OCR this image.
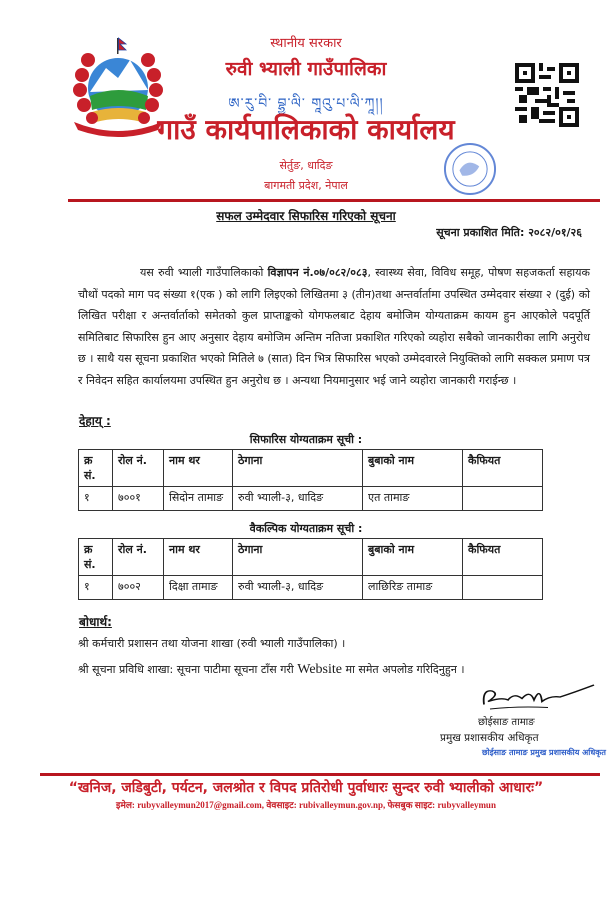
स्थानीय सरकार
रुवी भ्याली गाउँपालिका
ཨ་རུ་བི་ བྷྱ་ལི་ གཱའུ་པ་ལི་ཀཱ།།
गाउँ कार्यपालिकाको कार्यालय
सेर्तुङ, धादिङ
बागमती प्रदेश, नेपाल
सफल उम्मेदवार सिफारिस गरिएको सूचना
सूचना प्रकाशित मिति: २०८२/०१/२६
यस रुवी भ्याली गाउँपालिकाको विज्ञापन नं.०७/०८२/०८३, स्वास्थ्य सेवा, विविध समूह, पोषण सहजकर्ता सहायक चौथों पदको माग पद संख्या १(एक ) को लागि लिइएको लिखितमा ३ (तीन)तथा अन्तर्वार्तामा उपस्थित उम्मेदवार संख्या २ (दुई) को लिखित परीक्षा र अन्तर्वार्ताको समेतको कुल प्राप्ताङ्कको योगफलबाट देहाय बमोजिम योग्यताक्रम कायम हुन आएकोले पदपूर्ति समितिबाट सिफारिस हुन आए अनुसार देहाय बमोजिम अन्तिम नतिजा प्रकाशित गरिएको व्यहोरा सबैको जानकारीका लागि अनुरोध छ । साथै यस सूचना प्रकाशित भएको मितिले ७ (सात) दिन भित्र सिफारिस भएको उम्मेदवारले नियुक्तिको लागि सक्कल प्रमाण पत्र र निवेदन सहित कार्यालयमा उपस्थित हुन अनुरोध छ । अन्यथा नियमानुसार भई जाने व्यहोरा जानकारी गराईन्छ ।
देहाय् :
सिफारिस योग्यताक्रम सूची :
क्र सं.	रोल नं.	नाम थर	ठेगाना	बुबाको नाम	कैफियत
१	७००१	सिदोन तामाङ	रुवी भ्याली-३, धादिङ	एत तामाङ	
वैकल्पिक योग्यताक्रम सूची :
क्र सं.	रोल नं.	नाम थर	ठेगाना	बुबाको नाम	कैफियत
१	७००२	दिक्षा तामाङ	रुवी भ्याली-३, धादिङ	लाछिरिङ तामाङ	
बोधार्थ:
श्री कर्मचारी प्रशासन तथा योजना शाखा (रुवी भ्याली गाउँपालिका) ।
श्री सूचना प्रविधि शाखा: सूचना पाटीमा सूचना टाँस गरी Website मा समेत अपलोड गरिदिनुहुन ।
छोईसाङ तामाङ
प्रमुख प्रशासकीय अधिकृत
छोईसाङ तामाङ प्रमुख प्रशासकीय अधिकृत
“खनिज, जडिबुटी, पर्यटन, जलश्रोत र विपद प्रतिरोधी पुर्वाधारः सुन्दर रुवी भ्यालीको आधारः”
इमेल: rubyvalleymun2017@gmail.com, वेवसाइट: rubivalleymun.gov.np, फेसबुक साइट: rubyvalleymun
